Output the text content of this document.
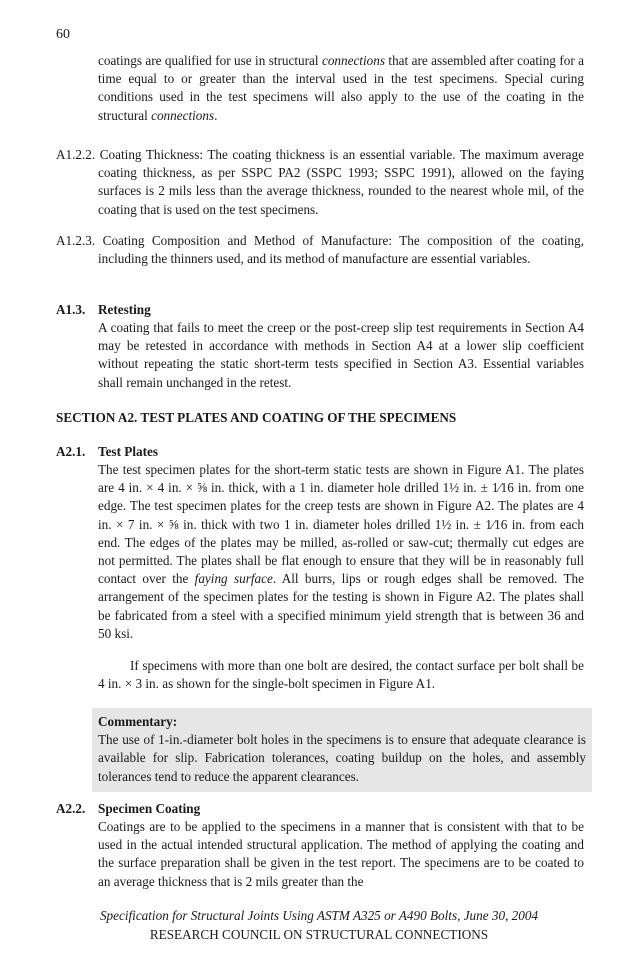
60

coatings are qualified for use in structural connections that are assembled after coating for a time equal to or greater than the interval used in the test specimens. Special curing conditions used in the test specimens will also apply to the use of the coating in the structural connections.

A1.2.2. Coating Thickness: The coating thickness is an essential variable. The maximum average coating thickness, as per SSPC PA2 (SSPC 1993; SSPC 1991), allowed on the faying surfaces is 2 mils less than the average thickness, rounded to the nearest whole mil, of the coating that is used on the test specimens.

A1.2.3. Coating Composition and Method of Manufacture: The composition of the coating, including the thinners used, and its method of manufacture are essential variables.

A1.3. Retesting

A coating that fails to meet the creep or the post-creep slip test requirements in Section A4 may be retested in accordance with methods in Section A4 at a lower slip coefficient without repeating the static short-term tests specified in Section A3. Essential variables shall remain unchanged in the retest.

SECTION A2. TEST PLATES AND COATING OF THE SPECIMENS
A2.1. Test Plates

The test specimen plates for the short-term static tests are shown in Figure A1. The plates are 4 in. × 4 in. × ⅝ in. thick, with a 1 in. diameter hole drilled 1½ in. ± 1⁄16 in. from one edge. The test specimen plates for the creep tests are shown in Figure A2. The plates are 4 in. × 7 in. × ⅝ in. thick with two 1 in. diameter holes drilled 1½ in. ± 1⁄16 in. from each end. The edges of the plates may be milled, as-rolled or saw-cut; thermally cut edges are not permitted. The plates shall be flat enough to ensure that they will be in reasonably full contact over the faying surface. All burrs, lips or rough edges shall be removed. The arrangement of the specimen plates for the testing is shown in Figure A2. The plates shall be fabricated from a steel with a specified minimum yield strength that is between 36 and 50 ksi.

If specimens with more than one bolt are desired, the contact surface per bolt shall be 4 in. × 3 in. as shown for the single-bolt specimen in Figure A1.

Commentary:

The use of 1-in.-diameter bolt holes in the specimens is to ensure that adequate clearance is available for slip. Fabrication tolerances, coating buildup on the holes, and assembly tolerances tend to reduce the apparent clearances.

A2.2. Specimen Coating

Coatings are to be applied to the specimens in a manner that is consistent with that to be used in the actual intended structural application. The method of applying the coating and the surface preparation shall be given in the test report. The specimens are to be coated to an average thickness that is 2 mils greater than the

Specification for Structural Joints Using ASTM A325 or A490 Bolts, June 30, 2004
RESEARCH COUNCIL ON STRUCTURAL CONNECTIONS
